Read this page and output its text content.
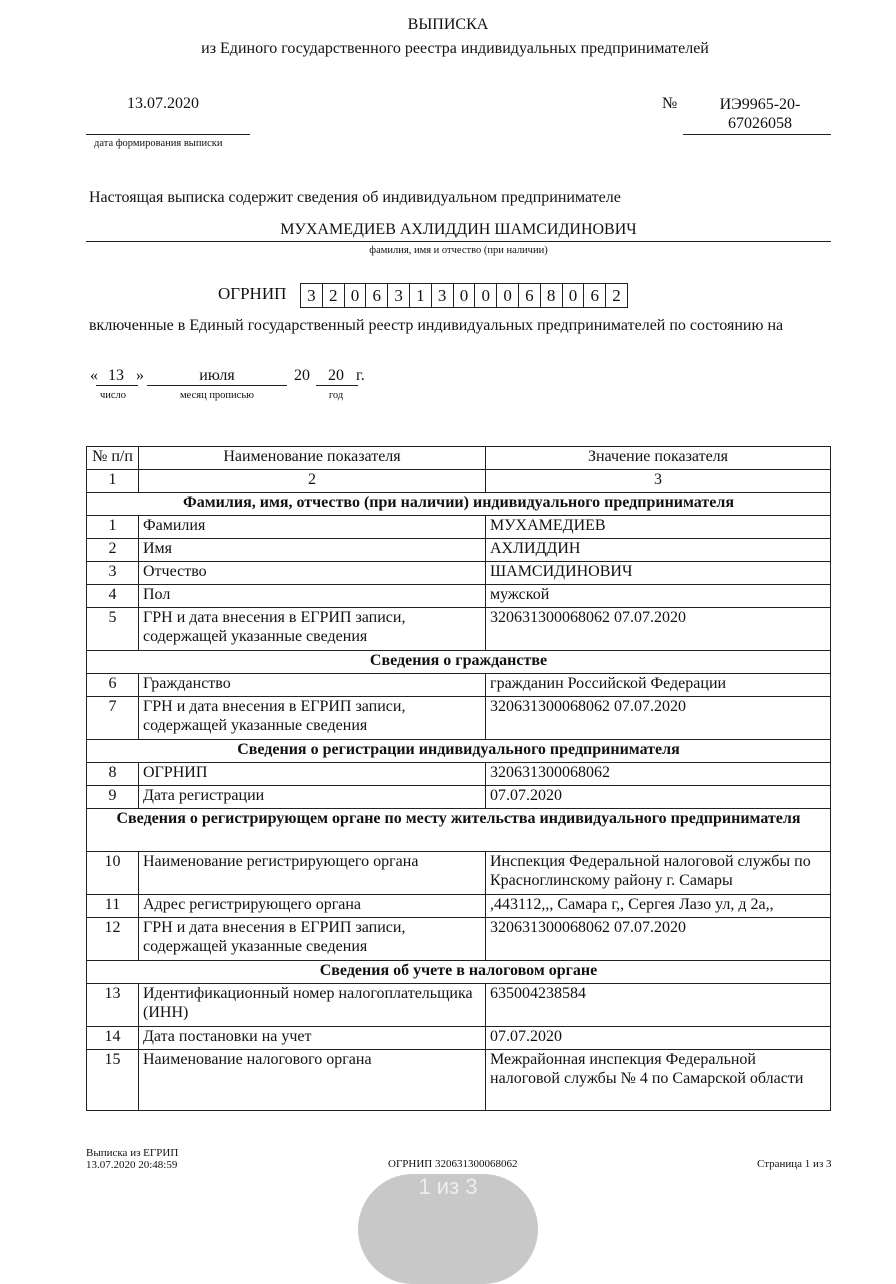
ВЫПИСКА
из Единого государственного реестра индивидуальных предпринимателей
13.07.2020
дата формирования выписки
№	ИЭ9965-20-
67026058
Настоящая выписка содержит сведения об индивидуальном предпринимателе
МУХАМЕДИЕВ АХЛИДДИН ШАМСИДИНОВИЧ
фамилия, имя и отчество (при наличии)
ОГРНИП	3 2 0 6 3 1 3 0 0 0 6 8 0 6 2
включенные в Единый государственный реестр индивидуальных предпринимателей по состоянию на
« 13 »	июля	20	20 г.
число	месяц прописью	год
№ п/п	Наименование показателя	Значение показателя
1	2	3
Фамилия, имя, отчество (при наличии) индивидуального предпринимателя		
1	Фамилия	МУХАМЕДИЕВ
2	Имя	АХЛИДДИН
3	Отчество	ШАМСИДИНОВИЧ
4	Пол	мужской
5	ГРН и дата внесения в ЕГРИП записи, содержащей указанные сведения	320631300068062 07.07.2020
Сведения о гражданстве		
6	Гражданство	гражданин Российской Федерации
7	ГРН и дата внесения в ЕГРИП записи, содержащей указанные сведения	320631300068062 07.07.2020
Сведения о регистрации индивидуального предпринимателя		
8	ОГРНИП	320631300068062
9	Дата регистрации	07.07.2020
Сведения о регистрирующем органе по месту жительства индивидуального предпринимателя		
10	Наименование регистрирующего органа	Инспекция Федеральной налоговой службы по Красноглинскому району г. Самары
11	Адрес регистрирующего органа	,443112,,, Самара г,, Сергея Лазо ул, д 2а,,
12	ГРН и дата внесения в ЕГРИП записи, содержащей указанные сведения	320631300068062 07.07.2020
Сведения об учете в налоговом органе		
13	Идентификационный номер налогоплательщика (ИНН)	635004238584
14	Дата постановки на учет	07.07.2020
15	Наименование налогового органа	Межрайонная инспекция Федеральной налоговой службы № 4 по Самарской области
Выписка из ЕГРИП
13.07.2020 20:48:59	ОГРНИП 320631300068062	Страница 1 из 3
1 из 3
